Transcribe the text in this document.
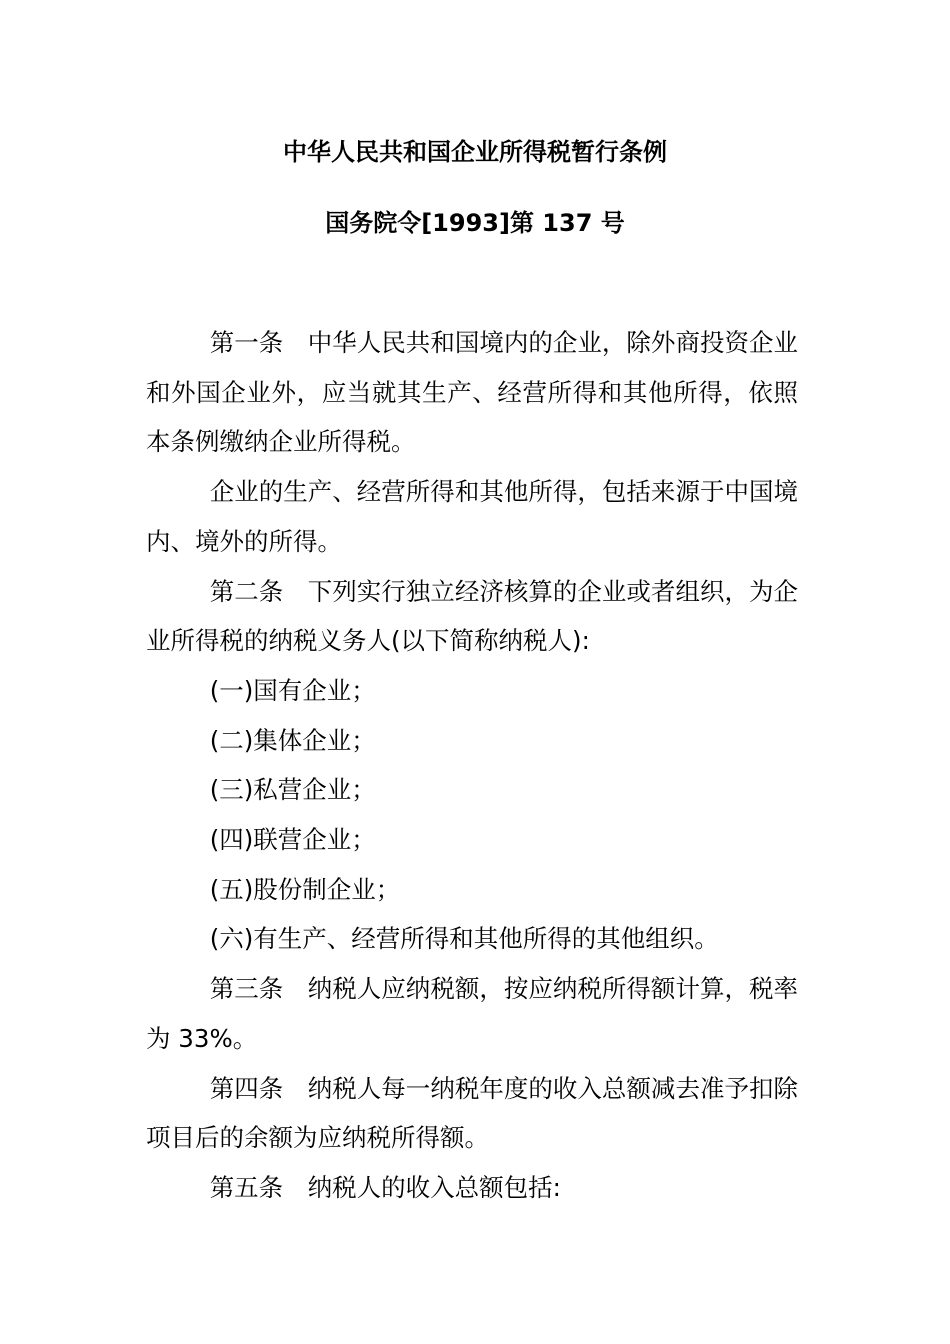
中华人民共和国企业所得税暂行条例
国务院令[1993]第 137 号

第一条 中华人民共和国境内的企业，除外商投资企业和外国企业外，应当就其生产、经营所得和其他所得，依照本条例缴纳企业所得税。

企业的生产、经营所得和其他所得，包括来源于中国境内、境外的所得。

第二条 下列实行独立经济核算的企业或者组织，为企业所得税的纳税义务人(以下简称纳税人):

(一)国有企业；

(二)集体企业；

(三)私营企业；

(四)联营企业；

(五)股份制企业；

(六)有生产、经营所得和其他所得的其他组织。

第三条 纳税人应纳税额，按应纳税所得额计算，税率为 33%。

第四条 纳税人每一纳税年度的收入总额减去准予扣除项目后的余额为应纳税所得额。

第五条 纳税人的收入总额包括:
